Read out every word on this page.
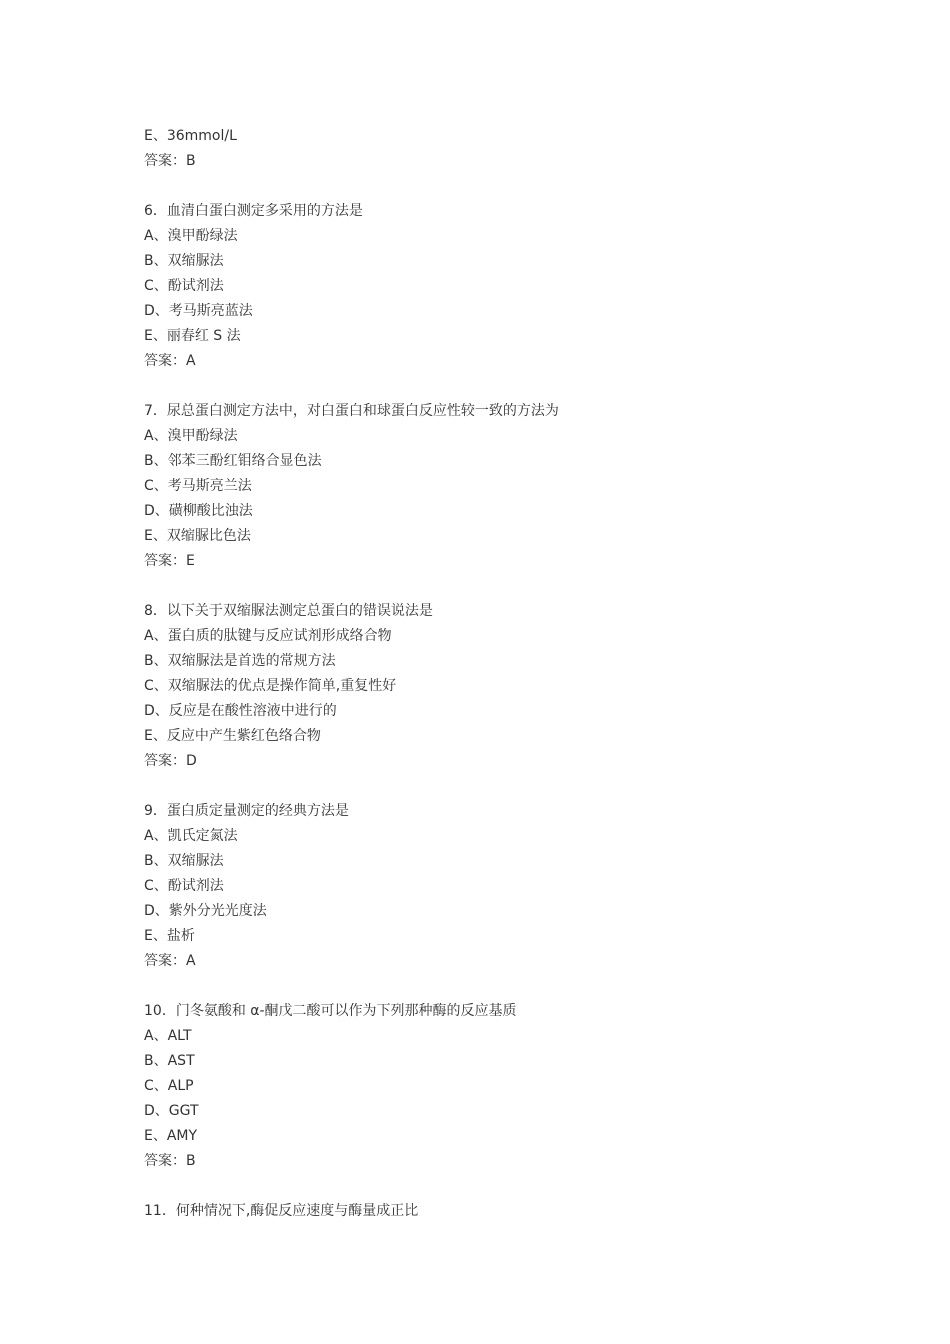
E、36mmol/L
答案：B
6．血清白蛋白测定多采用的方法是
A、溴甲酚绿法
B、双缩脲法
C、酚试剂法
D、考马斯亮蓝法
E、丽春红 S 法
答案：A
7．尿总蛋白测定方法中，对白蛋白和球蛋白反应性较一致的方法为
A、溴甲酚绿法
B、邻苯三酚红钼络合显色法
C、考马斯亮兰法
D、磺柳酸比浊法
E、双缩脲比色法
答案：E
8．以下关于双缩脲法测定总蛋白的错误说法是
A、蛋白质的肽键与反应试剂形成络合物
B、双缩脲法是首选的常规方法
C、双缩脲法的优点是操作简单,重复性好
D、反应是在酸性溶液中进行的
E、反应中产生紫红色络合物
答案：D
9．蛋白质定量测定的经典方法是
A、凯氏定氮法
B、双缩脲法
C、酚试剂法
D、紫外分光光度法
E、盐析
答案：A
10．门冬氨酸和 α-酮戊二酸可以作为下列那种酶的反应基质
A、ALT
B、AST
C、ALP
D、GGT
E、AMY
答案：B
11．何种情况下,酶促反应速度与酶量成正比
